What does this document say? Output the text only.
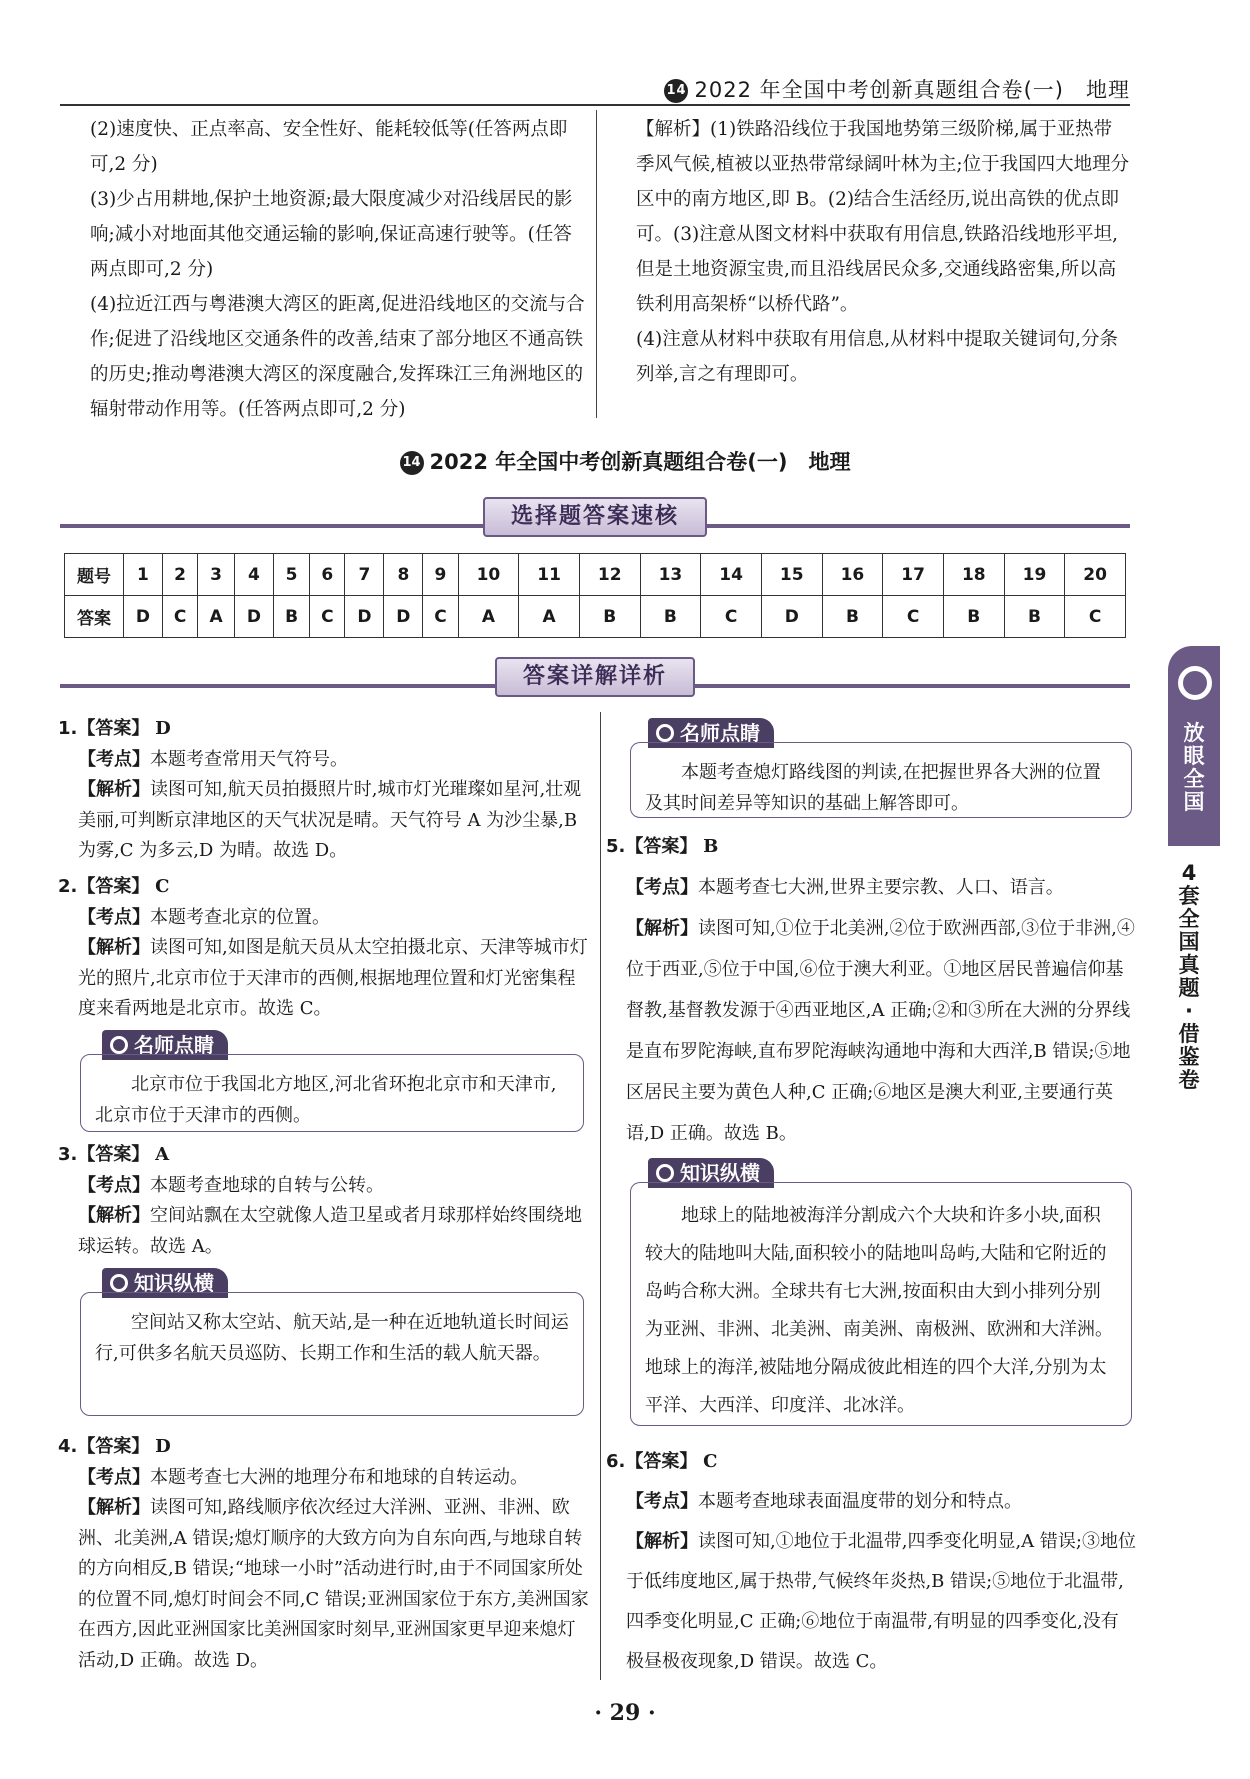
14 2022 年全国中考创新真题组合卷(一)　地理

(2)速度快、正点率高、安全性好、能耗较低等(任答两点即可,2 分)

(3)少占用耕地,保护土地资源;最大限度减少对沿线居民的影响;减小对地面其他交通运输的影响,保证高速行驶等。(任答两点即可,2 分)

(4)拉近江西与粤港澳大湾区的距离,促进沿线地区的交流与合作;促进了沿线地区交通条件的改善,结束了部分地区不通高铁的历史;推动粤港澳大湾区的深度融合,发挥珠江三角洲地区的辐射带动作用等。(任答两点即可,2 分)

【解析】(1)铁路沿线位于我国地势第三级阶梯,属于亚热带季风气候,植被以亚热带常绿阔叶林为主;位于我国四大地理分区中的南方地区,即 B。(2)结合生活经历,说出高铁的优点即可。(3)注意从图文材料中获取有用信息,铁路沿线地形平坦,但是土地资源宝贵,而且沿线居民众多,交通线路密集,所以高铁利用高架桥“以桥代路”。

(4)注意从材料中获取有用信息,从材料中提取关键词句,分条列举,言之有理即可。

14 2022 年全国中考创新真题组合卷(一)　地理
选择题答案速核
题号	1	2	3	4	5	6	7	8	9	10	11	12	13	14	15	16	17	18	19	20
答案	D	C	A	D	B	C	D	D	C	A	A	B	B	C	D	B	C	B	B	C
答案详解详析
1.【答案】 D
【考点】本题考查常用天气符号。
【解析】读图可知,航天员拍摄照片时,城市灯光璀璨如星河,壮观美丽,可判断京津地区的天气状况是晴。天气符号 A 为沙尘暴,B 为雾,C 为多云,D 为晴。故选 D。
2.【答案】 C
【考点】本题考查北京的位置。
【解析】读图可知,如图是航天员从太空拍摄北京、天津等城市灯光的照片,北京市位于天津市的西侧,根据地理位置和灯光密集程度来看两地是北京市。故选 C。
名师点睛
北京市位于我国北方地区,河北省环抱北京市和天津市,北京市位于天津市的西侧。
3.【答案】 A
【考点】本题考查地球的自转与公转。
【解析】空间站飘在太空就像人造卫星或者月球那样始终围绕地球运转。故选 A。
知识纵横
空间站又称太空站、航天站,是一种在近地轨道长时间运行,可供多名航天员巡防、长期工作和生活的载人航天器。
4.【答案】 D
【考点】本题考查七大洲的地理分布和地球的自转运动。
【解析】读图可知,路线顺序依次经过大洋洲、亚洲、非洲、欧洲、北美洲,A 错误;熄灯顺序的大致方向为自东向西,与地球自转的方向相反,B 错误;“地球一小时”活动进行时,由于不同国家所处的位置不同,熄灯时间会不同,C 错误;亚洲国家位于东方,美洲国家在西方,因此亚洲国家比美洲国家时刻早,亚洲国家更早迎来熄灯活动,D 正确。故选 D。
名师点睛
本题考查熄灯路线图的判读,在把握世界各大洲的位置及其时间差异等知识的基础上解答即可。
5.【答案】 B
【考点】本题考查七大洲,世界主要宗教、人口、语言。
【解析】读图可知,①位于北美洲,②位于欧洲西部,③位于非洲,④位于西亚,⑤位于中国,⑥位于澳大利亚。①地区居民普遍信仰基督教,基督教发源于④西亚地区,A 正确;②和③所在大洲的分界线是直布罗陀海峡,直布罗陀海峡沟通地中海和大西洋,B 错误;⑤地区居民主要为黄色人种,C 正确;⑥地区是澳大利亚,主要通行英语,D 正确。故选 B。
知识纵横
地球上的陆地被海洋分割成六个大块和许多小块,面积较大的陆地叫大陆,面积较小的陆地叫岛屿,大陆和它附近的岛屿合称大洲。全球共有七大洲,按面积由大到小排列分别为亚洲、非洲、北美洲、南美洲、南极洲、欧洲和大洋洲。地球上的海洋,被陆地分隔成彼此相连的四个大洋,分别为太平洋、大西洋、印度洋、北冰洋。
6.【答案】 C
【考点】本题考查地球表面温度带的划分和特点。
【解析】读图可知,①地位于北温带,四季变化明显,A 错误;③地位于低纬度地区,属于热带,气候终年炎热,B 错误;⑤地位于北温带,四季变化明显,C 正确;⑥地位于南温带,有明显的四季变化,没有极昼极夜现象,D 错误。故选 C。
放眼全国
4套全国真题·借鉴卷
· 29 ·
